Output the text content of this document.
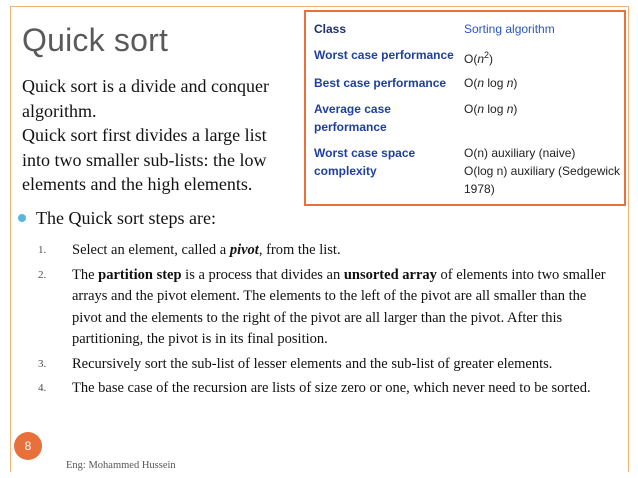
Quick sort

Quick sort is a divide and conquer algorithm.

Quick sort first divides a large list into two smaller sub-lists: the low elements and the high elements.

Class	Sorting algorithm
Worst case performance $O(n^2)$
Best case performance	O(n log n)
Average case performance
O(n log n)
Worst case space complexity
O(n) auxiliary (naive)
O(log n) auxiliary (Sedgewick 1978)
The Quick sort steps are:
1. Select an element, called a pivot, from the list.
2. The partition step is a process that divides an unsorted array of elements into two smaller arrays and the pivot element. The elements to the left of the pivot are all smaller than the pivot and the elements to the right of the pivot are all larger than the pivot. After this partitioning, the pivot is in its final position.
3. Recursively sort the sub-list of lesser elements and the sub-list of greater elements.
4. The base case of the recursion are lists of size zero or one, which never need to be sorted.
8
Eng: Mohammed Hussein
